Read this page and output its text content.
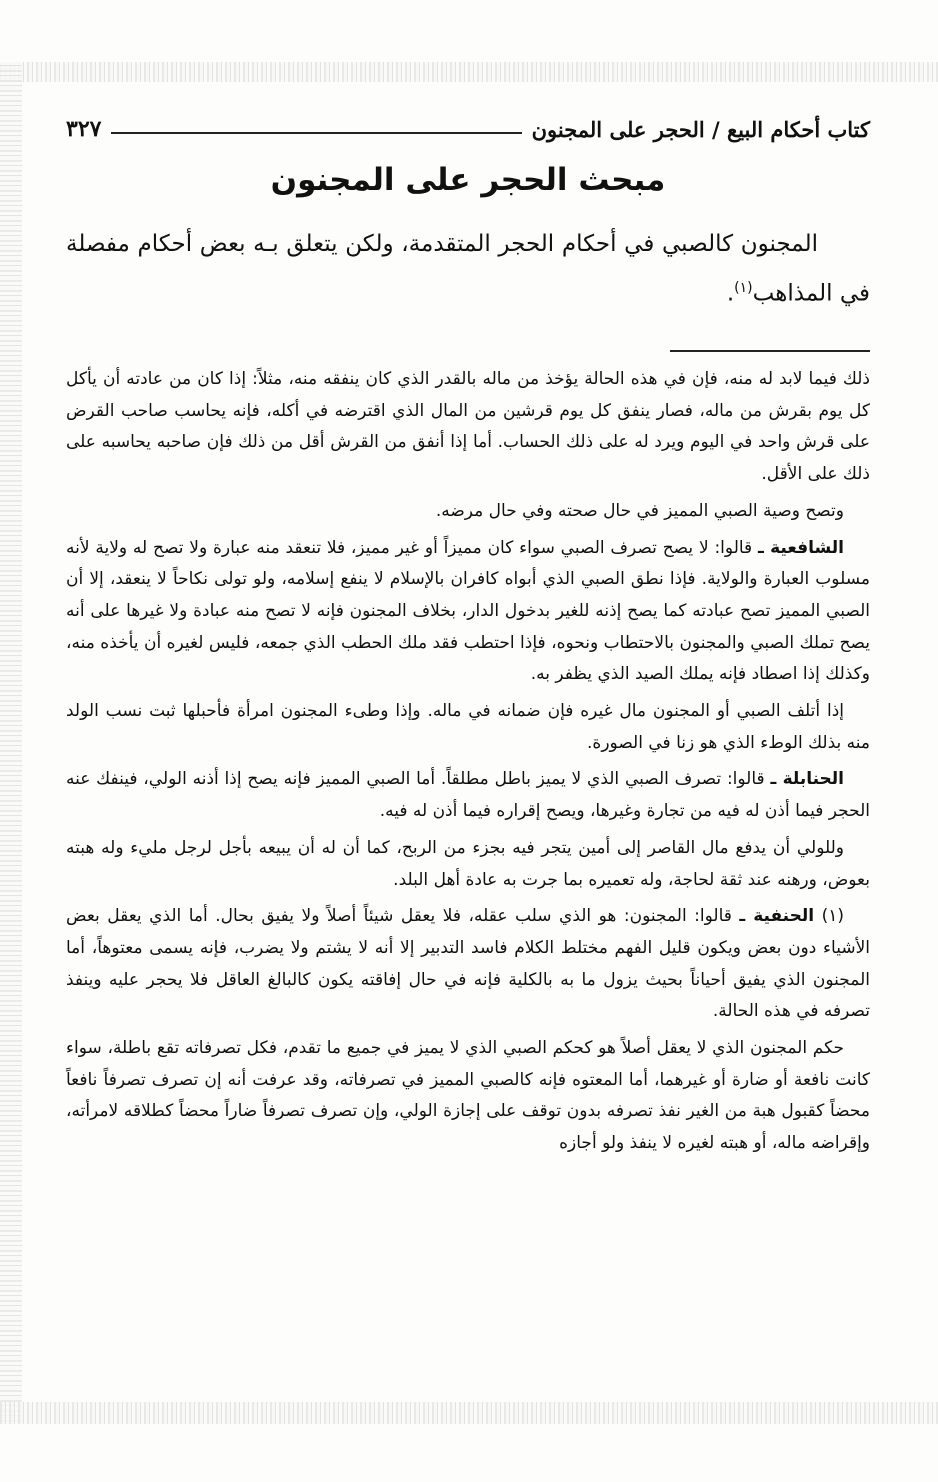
كتاب أحكام البيع / الحجر على المجنون
٣٢٧
مبحث الحجر على المجنون

المجنون كالصبي في أحكام الحجر المتقدمة، ولكن يتعلق بـه بعض أحكام مفصلة في المذاهب$^{(١)}$.

ذلك فيما لابد له منه، فإن في هذه الحالة يؤخذ من ماله بالقدر الذي كان ينفقه منه، مثلاً: إذا كان من عادته أن يأكل كل يوم بقرش من ماله، فصار ينفق كل يوم قرشين من المال الذي اقترضه في أكله، فإنه يحاسب صاحب القرض على قرش واحد في اليوم ويرد له على ذلك الحساب. أما إذا أنفق من القرش أقل من ذلك فإن صاحبه يحاسبه على ذلك على الأقل.

وتصح وصية الصبي المميز في حال صحته وفي حال مرضه.

الشافعية ـ قالوا: لا يصح تصرف الصبي سواء كان مميزاً أو غير مميز، فلا تنعقد منه عبارة ولا تصح له ولاية لأنه مسلوب العبارة والولاية. فإذا نطق الصبي الذي أبواه كافران بالإسلام لا ينفع إسلامه، ولو تولى نكاحاً لا ينعقد، إلا أن الصبي المميز تصح عبادته كما يصح إذنه للغير بدخول الدار، بخلاف المجنون فإنه لا تصح منه عبادة ولا غيرها على أنه يصح تملك الصبي والمجنون بالاحتطاب ونحوه، فإذا احتطب فقد ملك الحطب الذي جمعه، فليس لغيره أن يأخذه منه، وكذلك إذا اصطاد فإنه يملك الصيد الذي يظفر به.

إذا أتلف الصبي أو المجنون مال غيره فإن ضمانه في ماله. وإذا وطىء المجنون امرأة فأحبلها ثبت نسب الولد منه بذلك الوطء الذي هو زنا في الصورة.

الحنابلة ـ قالوا: تصرف الصبي الذي لا يميز باطل مطلقاً. أما الصبي المميز فإنه يصح إذا أذنه الولي، فينفك عنه الحجر فيما أذن له فيه من تجارة وغيرها، ويصح إقراره فيما أذن له فيه.

وللولي أن يدفع مال القاصر إلى أمين يتجر فيه بجزء من الربح، كما أن له أن يبيعه بأجل لرجل مليء وله هبته بعوض، ورهنه عند ثقة لحاجة، وله تعميره بما جرت به عادة أهل البلد.

(١) الحنفية ـ قالوا: المجنون: هو الذي سلب عقله، فلا يعقل شيئاً أصلاً ولا يفيق بحال. أما الذي يعقل بعض الأشياء دون بعض ويكون قليل الفهم مختلط الكلام فاسد التدبير إلا أنه لا يشتم ولا يضرب، فإنه يسمى معتوهاً، أما المجنون الذي يفيق أحياناً بحيث يزول ما به بالكلية فإنه في حال إفاقته يكون كالبالغ العاقل فلا يحجر عليه وينفذ تصرفه في هذه الحالة.

حكم المجنون الذي لا يعقل أصلاً هو كحكم الصبي الذي لا يميز في جميع ما تقدم، فكل تصرفاته تقع باطلة، سواء كانت نافعة أو ضارة أو غيرهما، أما المعتوه فإنه كالصبي المميز في تصرفاته، وقد عرفت أنه إن تصرف تصرفاً نافعاً محضاً كقبول هبة من الغير نفذ تصرفه بدون توقف على إجازة الولي، وإن تصرف تصرفاً ضاراً محضاً كطلاقه لامرأته، وإقراضه ماله، أو هبته لغيره لا ينفذ ولو أجازه
